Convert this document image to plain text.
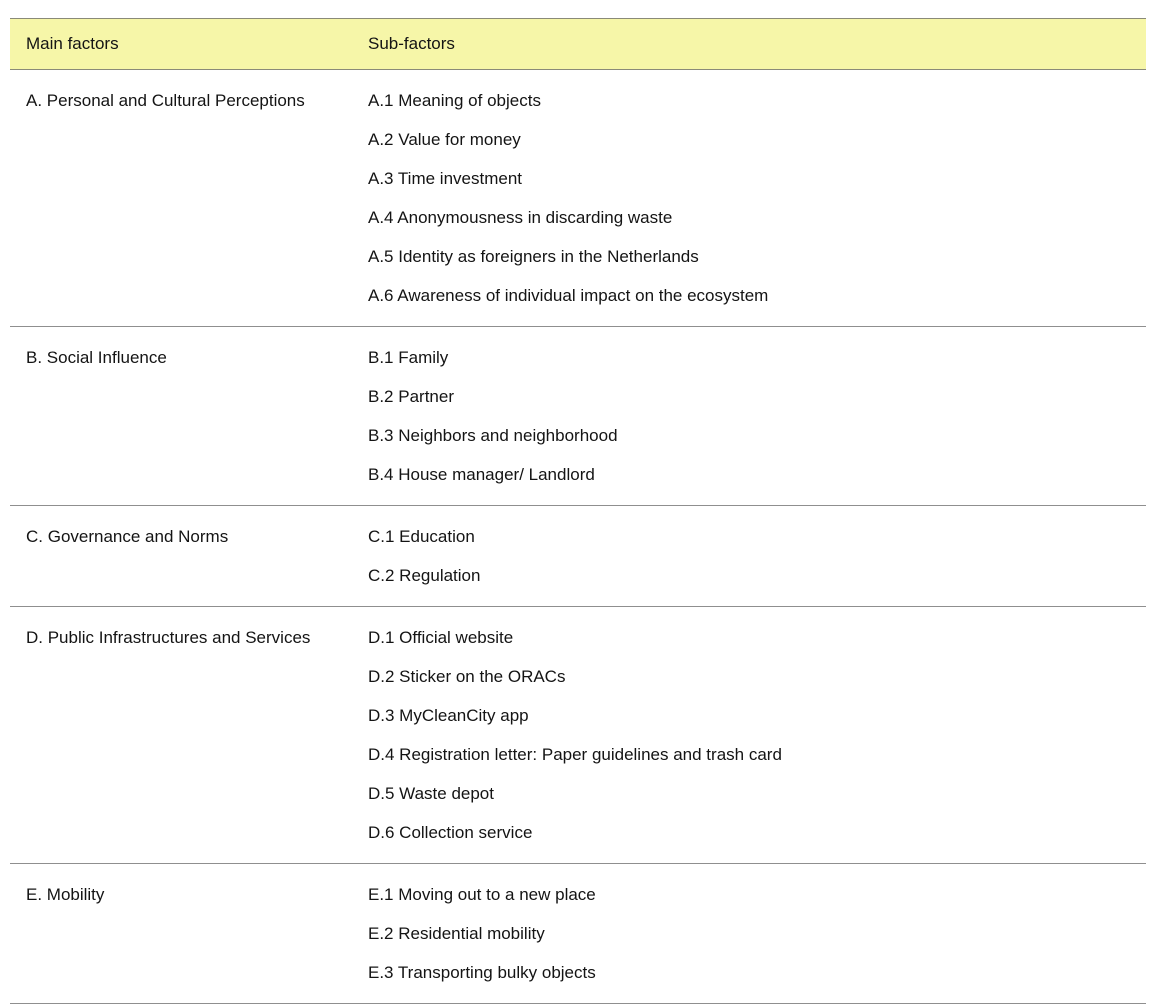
Main factors	Sub-factors
A. Personal and Cultural Perceptions	A.1 Meaning of objects
A.2 Value for money
A.3 Time investment
A.4 Anonymousness in discarding waste
A.5 Identity as foreigners in the Netherlands
A.6 Awareness of individual impact on the ecosystem
B. Social Influence	B.1 Family
B.2 Partner
B.3 Neighbors and neighborhood
B.4 House manager/ Landlord
C. Governance and Norms	C.1 Education
C.2 Regulation
D. Public Infrastructures and Services	D.1 Official website
D.2 Sticker on the ORACs
D.3 MyCleanCity app
D.4 Registration letter: Paper guidelines and trash card
D.5 Waste depot
D.6 Collection service
E. Mobility	E.1 Moving out to a new place
E.2 Residential mobility
E.3 Transporting bulky objects
